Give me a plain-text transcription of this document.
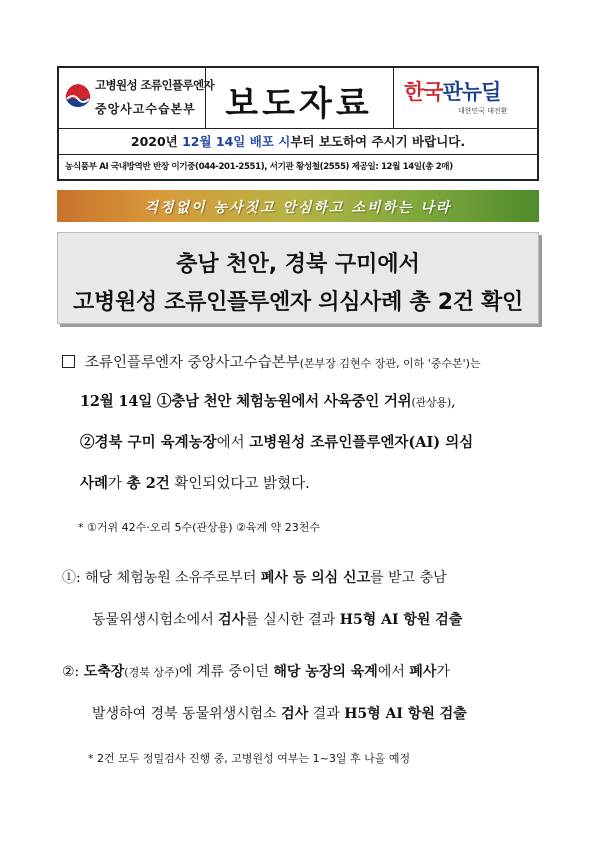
고병원성 조류인플루엔자
중앙사고수습본부 보도자료	한국판뉴딜
대한민국 대전환
2020년 12월 14일 배포 시부터 보도하여 주시기 바랍니다.
농식품부 AI 국내방역반 반장 이기중(044-201-2551), 서기관 황성철(2555) 제공일: 12월 14일(총 2매)
걱정없이 농사짓고 안심하고 소비하는 나라
충남 천안, 경북 구미에서
고병원성 조류인플루엔자 의심사례 총 2건 확인
조류인플루엔자 중앙사고수습본부(본부장 김현수 장관, 이하 '중수본')는
12월 14일 ①충남 천안 체험농원에서 사육중인 거위(관상용),
②경북 구미 육계농장에서 고병원성 조류인플루엔자(AI) 의심
사례가 총 2건 확인되었다고 밝혔다.
* ①거위 42수·오리 5수(관상용) ②육계 약 23천수
①: 해당 체험농원 소유주로부터 폐사 등 의심 신고를 받고 충남
동물위생시험소에서 검사를 실시한 결과 H5형 AI 항원 검출
②: 도축장(경북 상주)에 계류 중이던 해당 농장의 육계에서 폐사가
발생하여 경북 동물위생시험소 검사 결과 H5형 AI 항원 검출
* 2건 모두 정밀검사 진행 중, 고병원성 여부는 1~3일 후 나올 예정
